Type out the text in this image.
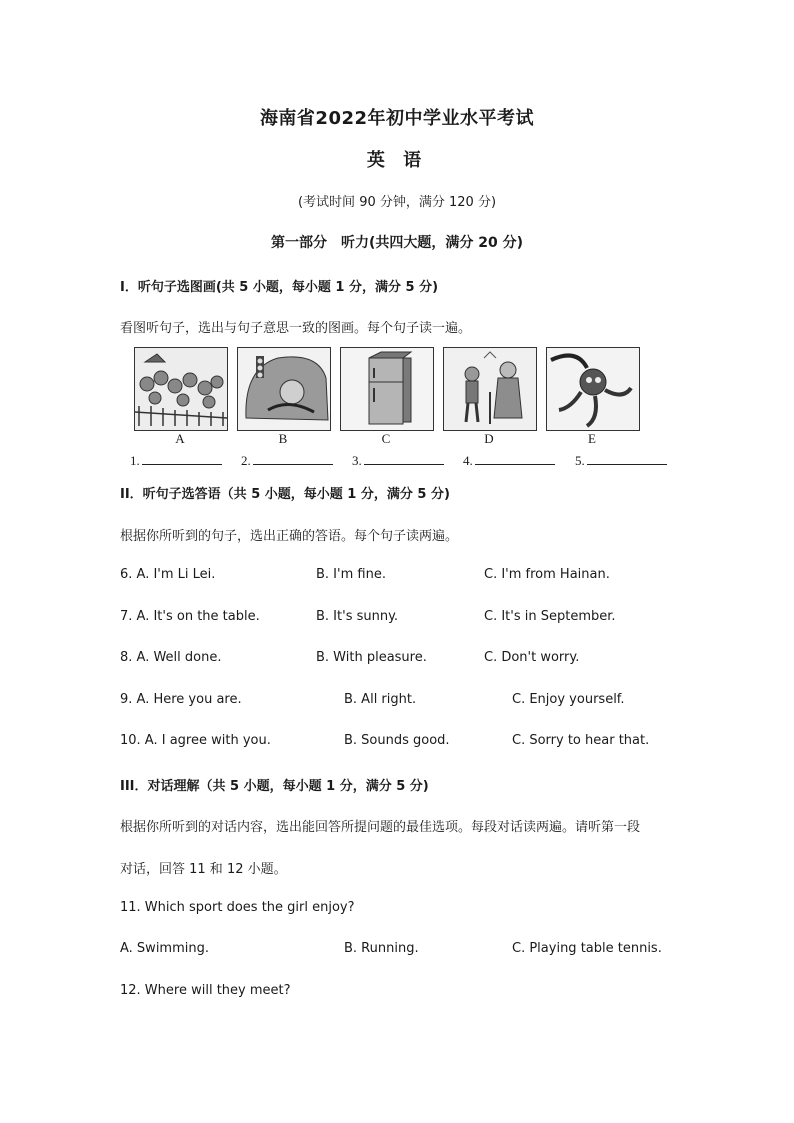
海南省2022年初中学业水平考试
英 语
(考试时间 90 分钟，满分 120 分)
第一部分　听力(共四大题，满分 20 分)
I．听句子选图画(共 5 小题，每小题 1 分，满分 5 分)
看图听句子，选出与句子意思一致的图画。每个句子读一遍。
A	B	C	D	E
1.	2.	3.	4.	5.
II．听句子选答语（共 5 小题，每小题 1 分，满分 5 分)
根据你所听到的句子，选出正确的答语。每个句子读两遍。
6. A. I'm Li Lei.	B. I'm fine.	C. I'm from Hainan.
7. A. It's on the table.	B. It's sunny.	C. It's in September.
8. A. Well done.	B. With pleasure.	C. Don't worry.
9. A. Here you are.	B. All right.	C. Enjoy yourself.
10. A. I agree with you.	B. Sounds good.	C. Sorry to hear that.
III．对话理解（共 5 小题，每小题 1 分，满分 5 分)
根据你所听到的对话内容，选出能回答所提问题的最佳选项。每段对话读两遍。请听第一段
对话，回答 11 和 12 小题。
11. Which sport does the girl enjoy?
A. Swimming.	B. Running.	C. Playing table tennis.
12. Where will they meet?
